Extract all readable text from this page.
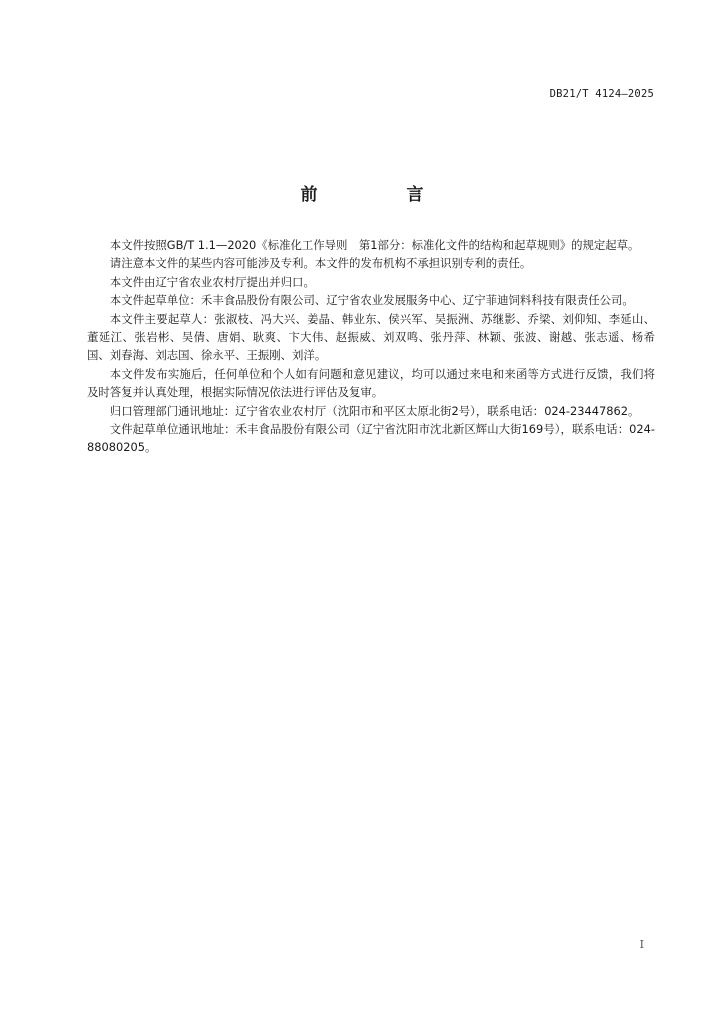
DB21/T 4124—2025
前　言

本文件按照GB/T 1.1—2020《标准化工作导则　第1部分：标准化文件的结构和起草规则》的规定起草。

请注意本文件的某些内容可能涉及专利。本文件的发布机构不承担识别专利的责任。

本文件由辽宁省农业农村厅提出并归口。

本文件起草单位：禾丰食品股份有限公司、辽宁省农业发展服务中心、辽宁菲迪饲料科技有限责任公司。

本文件主要起草人：张淑枝、冯大兴、姜晶、韩业东、侯兴军、吴振洲、苏继影、乔梁、刘仰知、李延山、董延江、张岩彬、吴倩、唐娟、耿爽、卞大伟、赵振威、刘双鸣、张丹萍、林颖、张波、谢越、张志遥、杨希国、刘春海、刘志国、徐永平、王振刚、刘洋。

本文件发布实施后，任何单位和个人如有问题和意见建议，均可以通过来电和来函等方式进行反馈，我们将及时答复并认真处理，根据实际情况依法进行评估及复审。

归口管理部门通讯地址：辽宁省农业农村厅（沈阳市和平区太原北街2号），联系电话：024-23447862。

文件起草单位通讯地址：禾丰食品股份有限公司（辽宁省沈阳市沈北新区辉山大街169号），联系电话：024-88080205。

I
